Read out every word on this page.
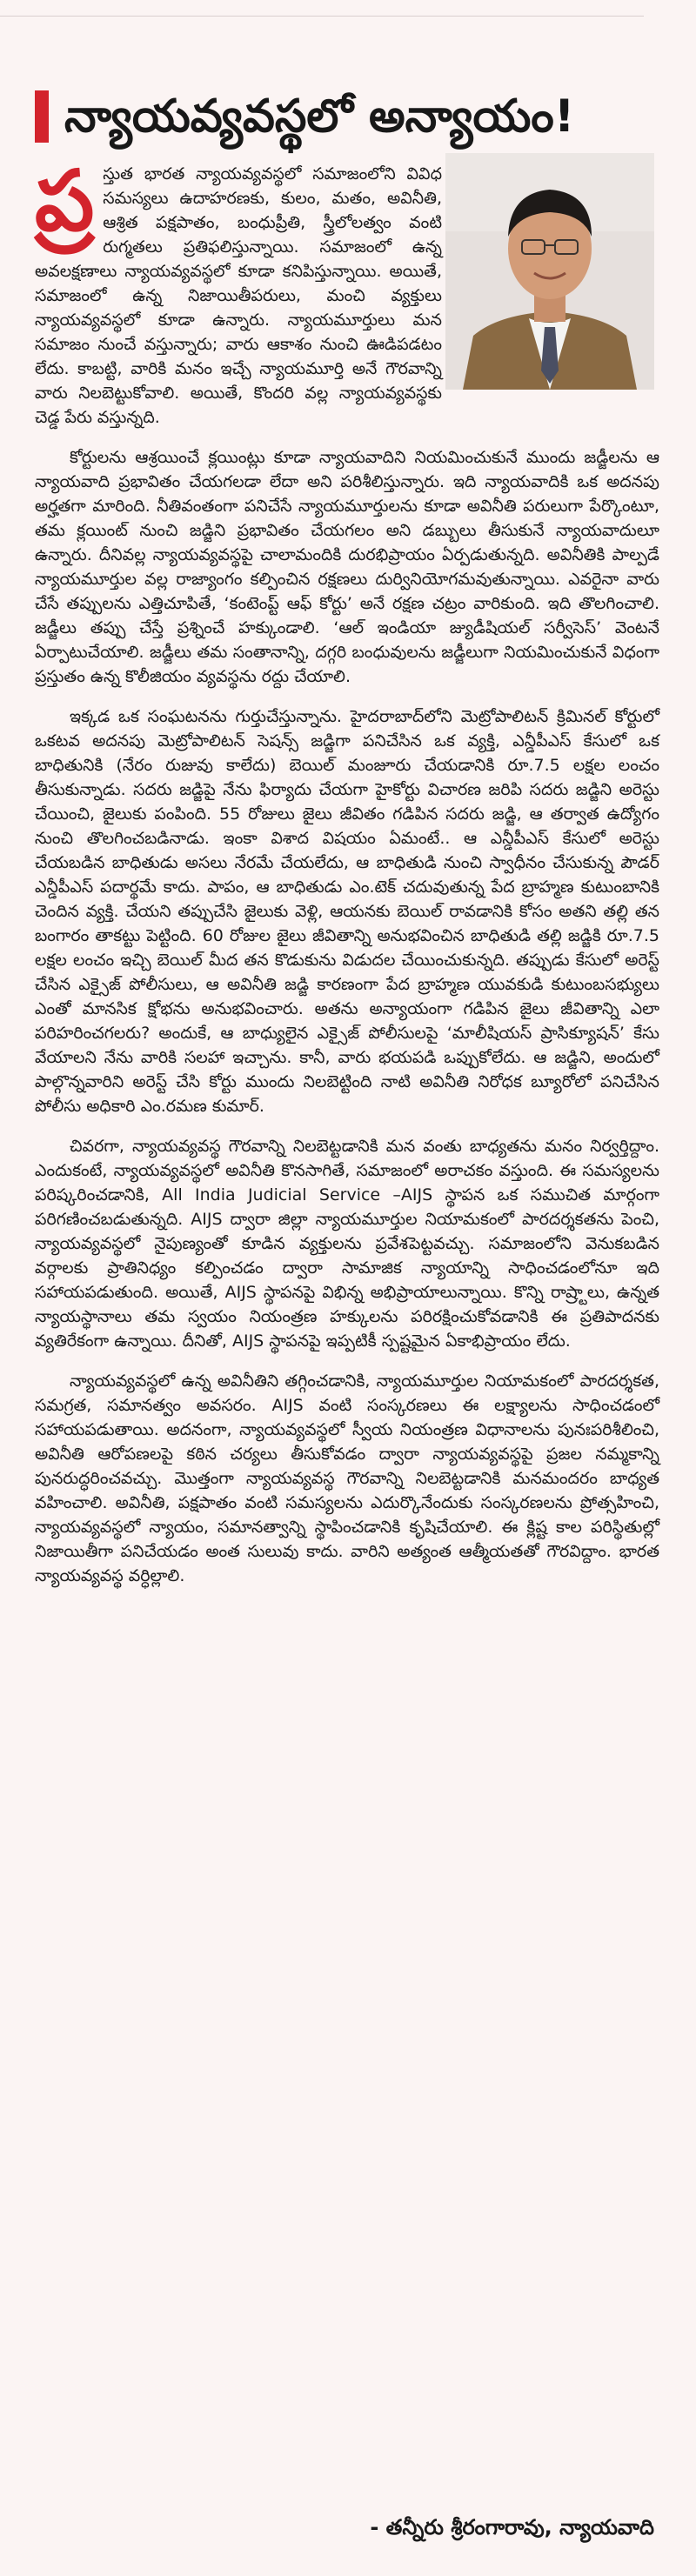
న్యాయవ్యవస్థలో అన్యాయం!

ప్ర స్తుత భారత న్యాయవ్యవస్థలో సమాజంలోని వివిధ సమస్యలు ఉదాహరణకు, కులం, మతం, అవినీతి, ఆశ్రిత పక్షపాతం, బంధుప్రీతి, స్త్రీలోలత్వం వంటి రుగ్మతలు ప్రతిఫలిస్తున్నాయి. సమాజంలో ఉన్న అవలక్షణాలు న్యాయవ్యవస్థలో కూడా కనిపిస్తున్నాయి. అయితే, సమాజంలో ఉన్న నిజాయితీపరులు, మంచి వ్యక్తులు న్యాయవ్యవస్థలో కూడా ఉన్నారు. న్యాయమూర్తులు మన సమాజం నుంచే వస్తున్నారు; వారు ఆకాశం నుంచి ఊడిపడటం లేదు. కాబట్టి, వారికి మనం ఇచ్చే న్యాయమూర్తి అనే గౌరవాన్ని వారు నిలబెట్టుకోవాలి. అయితే, కొందరి వల్ల న్యాయవ్యవస్థకు చెడ్డ పేరు వస్తున్నది.

కోర్టులను ఆశ్రయించే క్లయింట్లు కూడా న్యాయవాదిని నియమించుకునే ముందు జడ్జీలను ఆ న్యాయవాది ప్రభావితం చేయగలడా లేదా అని పరిశీలిస్తున్నారు. ఇది న్యాయవాదికి ఒక అదనపు అర్హతగా మారింది. నీతివంతంగా పనిచేసే న్యాయమూర్తులను కూడా అవినీతి పరులుగా పేర్కొంటూ, తమ క్లయింట్ నుంచి జడ్జిని ప్రభావితం చేయగలం అని డబ్బులు తీసుకునే న్యాయవాదులూ ఉన్నారు. దీనివల్ల న్యాయవ్యవస్థపై చాలామందికి దురభిప్రాయం ఏర్పడుతున్నది. అవినీతికి పాల్పడే న్యాయమూర్తుల వల్ల రాజ్యాంగం కల్పించిన రక్షణలు దుర్వినియోగమవుతున్నాయి. ఎవరైనా వారు చేసే తప్పులను ఎత్తిచూపితే, ‘కంటెంప్ట్ ఆఫ్ కోర్టు’ అనే రక్షణ చట్రం వారికుంది. ఇది తొలగించాలి. జడ్జీలు తప్పు చేస్తే ప్రశ్నించే హక్కుండాలి. ‘ఆల్ ఇండియా జ్యుడీషియల్ సర్వీసెస్’ వెంటనే ఏర్పాటుచేయాలి. జడ్జీలు తమ సంతానాన్ని, దగ్గరి బంధువులను జడ్జీలుగా నియమించుకునే విధంగా ప్రస్తుతం ఉన్న కొలీజియం వ్యవస్థను రద్దు చేయాలి.

ఇక్కడ ఒక సంఘటనను గుర్తుచేస్తున్నాను. హైదరాబాద్‌లోని మెట్రోపాలిటన్ క్రిమినల్ కోర్టులో ఒకటవ అదనపు మెట్రోపాలిటన్ సెషన్స్ జడ్జిగా పనిచేసిన ఒక వ్యక్తి, ఎన్డీపీఎస్ కేసులో ఒక బాధితునికి (నేరం రుజువు కాలేదు) బెయిల్ మంజూరు చేయడానికి రూ.7.5 లక్షల లంచం తీసుకున్నాడు. సదరు జడ్జిపై నేను ఫిర్యాదు చేయగా హైకోర్టు విచారణ జరిపి సదరు జడ్జిని అరెస్టు చేయించి, జైలుకు పంపింది. 55 రోజులు జైలు జీవితం గడిపిన సదరు జడ్జి, ఆ తర్వాత ఉద్యోగం నుంచి తొలగించబడినాడు. ఇంకా విశాద విషయం ఏమంటే.. ఆ ఎన్డీపీఎస్ కేసులో అరెస్టు చేయబడిన బాధితుడు అసలు నేరమే చేయలేదు, ఆ బాధితుడి నుంచి స్వాధీనం చేసుకున్న పౌడర్ ఎన్డీపీఎస్ పదార్థమే కాదు. పాపం, ఆ బాధితుడు ఎం.టెక్ చదువుతున్న పేద బ్రాహ్మణ కుటుంబానికి చెందిన వ్యక్తి. చేయని తప్పుచేసి జైలుకు వెళ్లి, ఆయనకు బెయిల్ రావడానికి కోసం అతని తల్లి తన బంగారం తాకట్టు పెట్టింది. 60 రోజుల జైలు జీవితాన్ని అనుభవించిన బాధితుడి తల్లి జడ్జికి రూ.7.5 లక్షల లంచం ఇచ్చి బెయిల్ మీద తన కొడుకును విడుదల చేయించుకున్నది. తప్పుడు కేసులో అరెస్ట్ చేసిన ఎక్సైజ్ పోలీసులు, ఆ అవినీతి జడ్జి కారణంగా పేద బ్రాహ్మణ యువకుడి కుటుంబసభ్యులు ఎంతో మానసిక క్షోభను అనుభవించారు. అతను అన్యాయంగా గడిపిన జైలు జీవితాన్ని ఎలా పరిహరించగలరు? అందుకే, ఆ బాధ్యులైన ఎక్సైజ్ పోలీసులపై ‘మాలీషియస్ ప్రాసిక్యూషన్’ కేసు వేయాలని నేను వారికి సలహా ఇచ్చాను. కానీ, వారు భయపడి ఒప్పుకోలేదు. ఆ జడ్జిని, అందులో పాల్గొన్నవారిని అరెస్ట్ చేసి కోర్టు ముందు నిలబెట్టింది నాటి అవినీతి నిరోధక బ్యూరోలో పనిచేసిన పోలీసు అధికారి ఎం.రమణ కుమార్.

చివరగా, న్యాయవ్యవస్థ గౌరవాన్ని నిలబెట్టడానికి మన వంతు బాధ్యతను మనం నిర్వర్తిద్దాం. ఎందుకంటే, న్యాయవ్యవస్థలో అవినీతి కొనసాగితే, సమాజంలో అరాచకం వస్తుంది. ఈ సమస్యలను పరిష్కరించడానికి, All India Judicial Service –AIJS స్థాపన ఒక సముచిత మార్గంగా పరిగణించబడుతున్నది. AIJS ద్వారా జిల్లా న్యాయమూర్తుల నియామకంలో పారదర్శకతను పెంచి, న్యాయవ్యవస్థలో నైపుణ్యంతో కూడిన వ్యక్తులను ప్రవేశపెట్టవచ్చు. సమాజంలోని వెనుకబడిన వర్గాలకు ప్రాతినిధ్యం కల్పించడం ద్వారా సామాజిక న్యాయాన్ని సాధించడంలోనూ ఇది సహాయపడుతుంది. అయితే, AIJS స్థాపనపై విభిన్న అభిప్రాయాలున్నాయి. కొన్ని రాష్ర్టాలు, ఉన్నత న్యాయస్థానాలు తమ స్వయం నియంత్రణ హక్కులను పరిరక్షించుకోవడానికి ఈ ప్రతిపాదనకు వ్యతిరేకంగా ఉన్నాయి. దీనితో, AIJS స్థాపనపై ఇప్పటికీ స్పష్టమైన ఏకాభిప్రాయం లేదు.

న్యాయవ్యవస్థలో ఉన్న అవినీతిని తగ్గించడానికి, న్యాయమూర్తుల నియామకంలో పారదర్శకత, సమగ్రత, సమానత్వం అవసరం. AIJS వంటి సంస్కరణలు ఈ లక్ష్యాలను సాధించడంలో సహాయపడుతాయి. అదనంగా, న్యాయవ్యవస్థలో స్వీయ నియంత్రణ విధానాలను పునఃపరిశీలించి, అవినీతి ఆరోపణలపై కఠిన చర్యలు తీసుకోవడం ద్వారా న్యాయవ్యవస్థపై ప్రజల నమ్మకాన్ని పునరుద్ధరించవచ్చు. మొత్తంగా న్యాయవ్యవస్థ గౌరవాన్ని నిలబెట్టడానికి మనమందరం బాధ్యత వహించాలి. అవినీతి, పక్షపాతం వంటి సమస్యలను ఎదుర్కొనేందుకు సంస్కరణలను ప్రోత్సహించి, న్యాయవ్యవస్థలో న్యాయం, సమానత్వాన్ని స్థాపించడానికి కృషిచేయాలి. ఈ క్లిష్ట కాల పరిస్థితుల్లో నిజాయితీగా పనిచేయడం అంత సులువు కాదు. వారిని అత్యంత ఆత్మీయతతో గౌరవిద్దాం. భారత న్యాయవ్యవస్థ వర్ధిల్లాలి.

- తన్నీరు శ్రీరంగారావు, న్యాయవాది
